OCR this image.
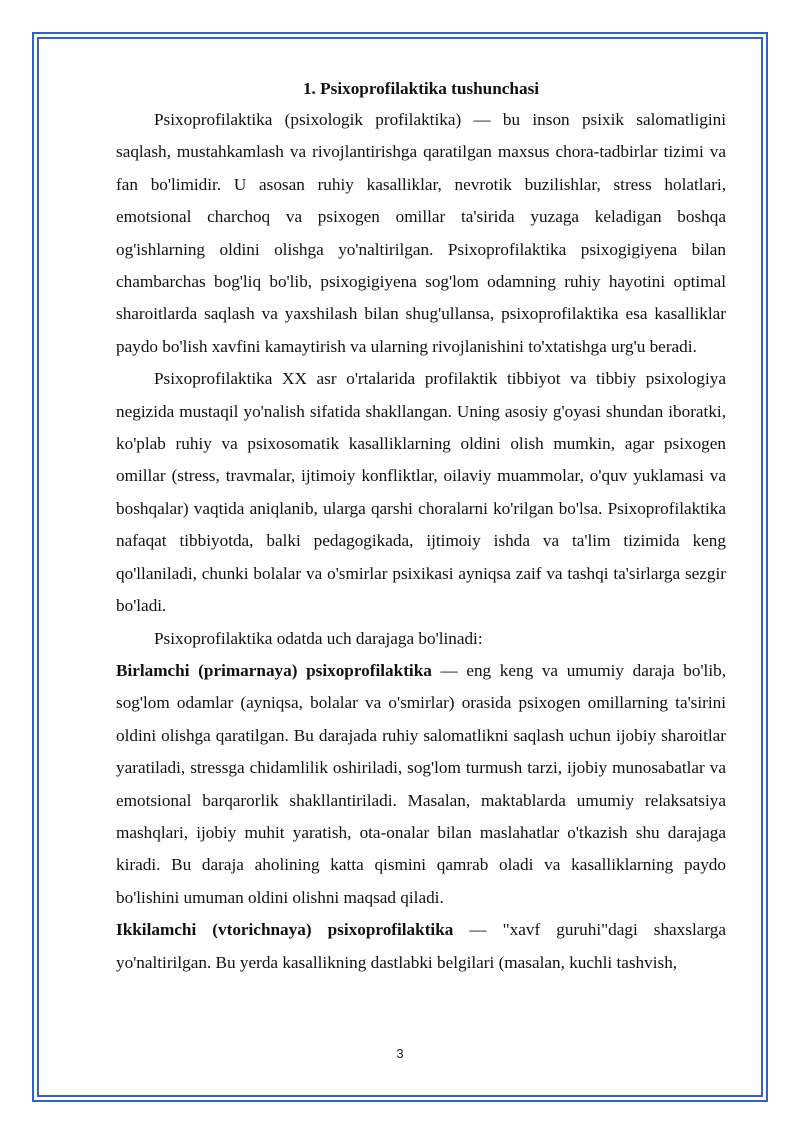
1. Psixoprofilaktika tushunchasi

Psixoprofilaktika (psixologik profilaktika) — bu inson psixik salomatligini saqlash, mustahkamlash va rivojlantirishga qaratilgan maxsus chora-tadbirlar tizimi va fan bo'limidir. U asosan ruhiy kasalliklar, nevrotik buzilishlar, stress holatlari, emotsional charchoq va psixogen omillar ta'sirida yuzaga keladigan boshqa og'ishlarning oldini olishga yo'naltirilgan. Psixoprofilaktika psixogigiyena bilan chambarchas bog'liq bo'lib, psixogigiyena sog'lom odamning ruhiy hayotini optimal sharoitlarda saqlash va yaxshilash bilan shug'ullansa, psixoprofilaktika esa kasalliklar paydo bo'lish xavfini kamaytirish va ularning rivojlanishini to'xtatishga urg'u beradi.

Psixoprofilaktika XX asr o'rtalarida profilaktik tibbiyot va tibbiy psixologiya negizida mustaqil yo'nalish sifatida shakllangan. Uning asosiy g'oyasi shundan iboratki, ko'plab ruhiy va psixosomatik kasalliklarning oldini olish mumkin, agar psixogen omillar (stress, travmalar, ijtimoiy konfliktlar, oilaviy muammolar, o'quv yuklamasi va boshqalar) vaqtida aniqlanib, ularga qarshi choralarni ko'rilgan bo'lsa. Psixoprofilaktika nafaqat tibbiyotda, balki pedagogikada, ijtimoiy ishda va ta'lim tizimida keng qo'llaniladi, chunki bolalar va o'smirlar psixikasi ayniqsa zaif va tashqi ta'sirlarga sezgir bo'ladi.

Psixoprofilaktika odatda uch darajaga bo'linadi:

Birlamchi (primarnaya) psixoprofilaktika — eng keng va umumiy daraja bo'lib, sog'lom odamlar (ayniqsa, bolalar va o'smirlar) orasida psixogen omillarning ta'sirini oldini olishga qaratilgan. Bu darajada ruhiy salomatlikni saqlash uchun ijobiy sharoitlar yaratiladi, stressga chidamlilik oshiriladi, sog'lom turmush tarzi, ijobiy munosabatlar va emotsional barqarorlik shakllantiriladi. Masalan, maktablarda umumiy relaksatsiya mashqlari, ijobiy muhit yaratish, ota-onalar bilan maslahatlar o'tkazish shu darajaga kiradi. Bu daraja aholining katta qismini qamrab oladi va kasalliklarning paydo bo'lishini umuman oldini olishni maqsad qiladi.

Ikkilamchi (vtorichnaya) psixoprofilaktika — "xavf guruhi"dagi shaxslarga yo'naltirilgan. Bu yerda kasallikning dastlabki belgilari (masalan, kuchli tashvish,

3
